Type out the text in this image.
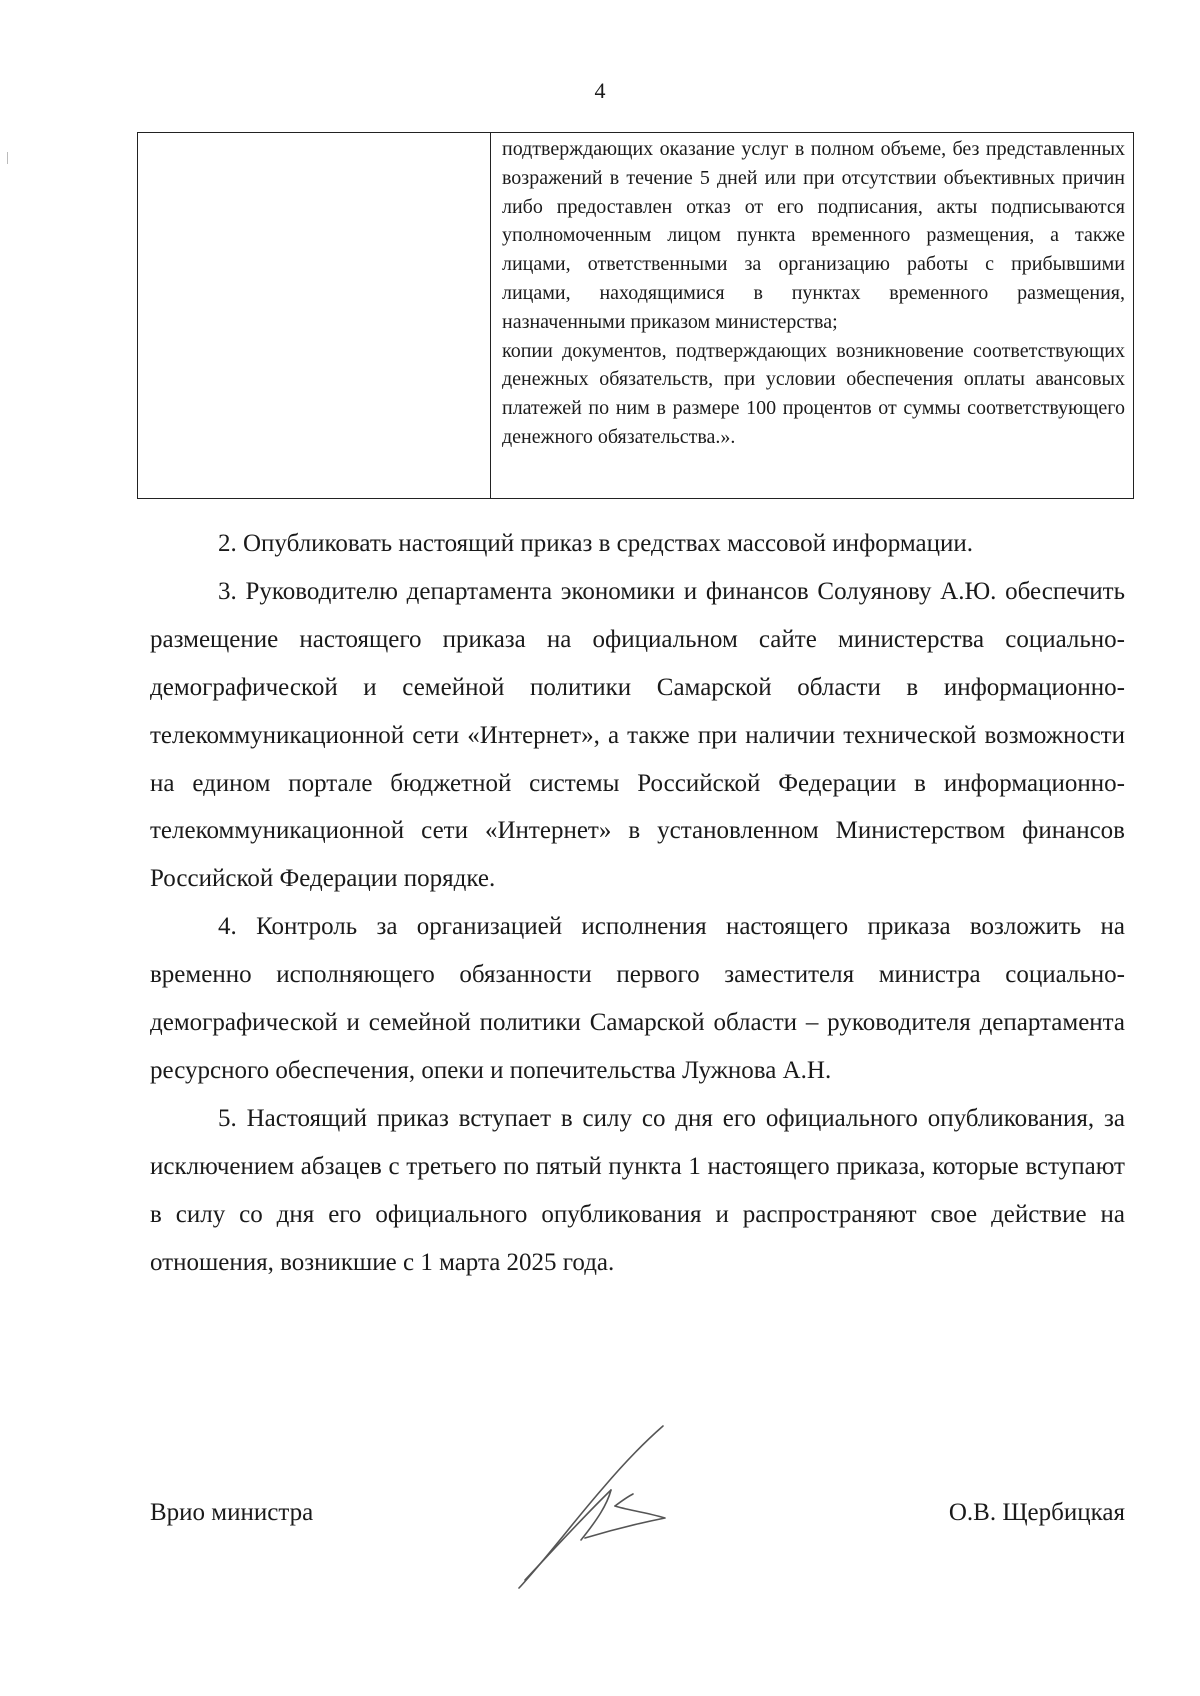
4

подтверждающих оказание услуг в полном объеме, без представленных возражений в течение 5 дней или при отсутствии объективных причин либо предоставлен отказ от его подписания, акты подписываются уполномоченным лицом пункта временного размещения, а также лицами, ответственными за организацию работы с прибывшими лицами, находящимися в пунктах временного размещения, назначенными приказом министерства;

копии документов, подтверждающих возникновение соответствующих денежных обязательств, при условии обеспечения оплаты авансовых платежей по ним в размере 100 процентов от суммы соответствующего денежного обязательства.».

2. Опубликовать настоящий приказ в средствах массовой информации.

3. Руководителю департамента экономики и финансов Солуянову А.Ю. обеспечить размещение настоящего приказа на официальном сайте министерства социально-демографической и семейной политики Самарской области в информационно-телекоммуникационной сети «Интернет», а также при наличии технической возможности на едином портале бюджетной системы Российской Федерации в информационно-телекоммуникационной сети «Интернет» в установленном Министерством финансов Российской Федерации порядке.

4. Контроль за организацией исполнения настоящего приказа возложить на временно исполняющего обязанности первого заместителя министра социально-демографической и семейной политики Самарской области – руководителя департамента ресурсного обеспечения, опеки и попечительства Лужнова А.Н.

5. Настоящий приказ вступает в силу со дня его официального опубликования, за исключением абзацев с третьего по пятый пункта 1 настоящего приказа, которые вступают в силу со дня его официального опубликования и распространяют свое действие на отношения, возникшие с 1 марта 2025 года.

Врио министра	О.В. Щербицкая
